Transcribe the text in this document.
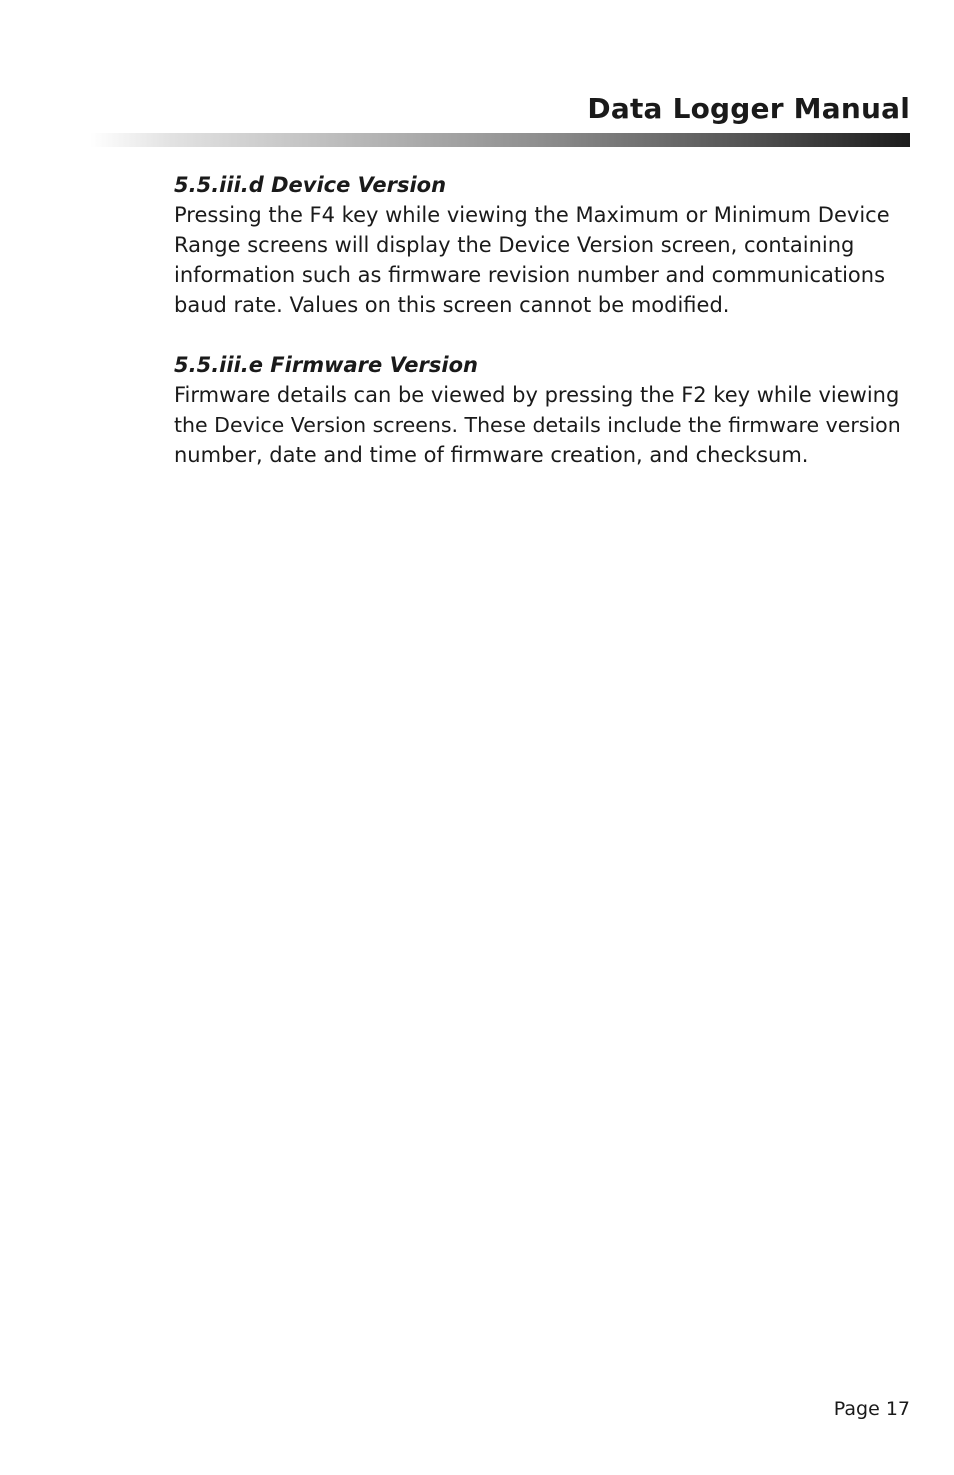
Data Logger Manual
5.5.iii.d Device Version

Pressing the F4 key while viewing the Maximum or Minimum Device
Range screens will display the Device Version screen, containing
information such as firmware revision number and communications
baud rate. Values on this screen cannot be modified.

5.5.iii.e Firmware Version

Firmware details can be viewed by pressing the F2 key while viewing
the Device Version screens. These details include the firmware version
number, date and time of firmware creation, and checksum.

Page 17
